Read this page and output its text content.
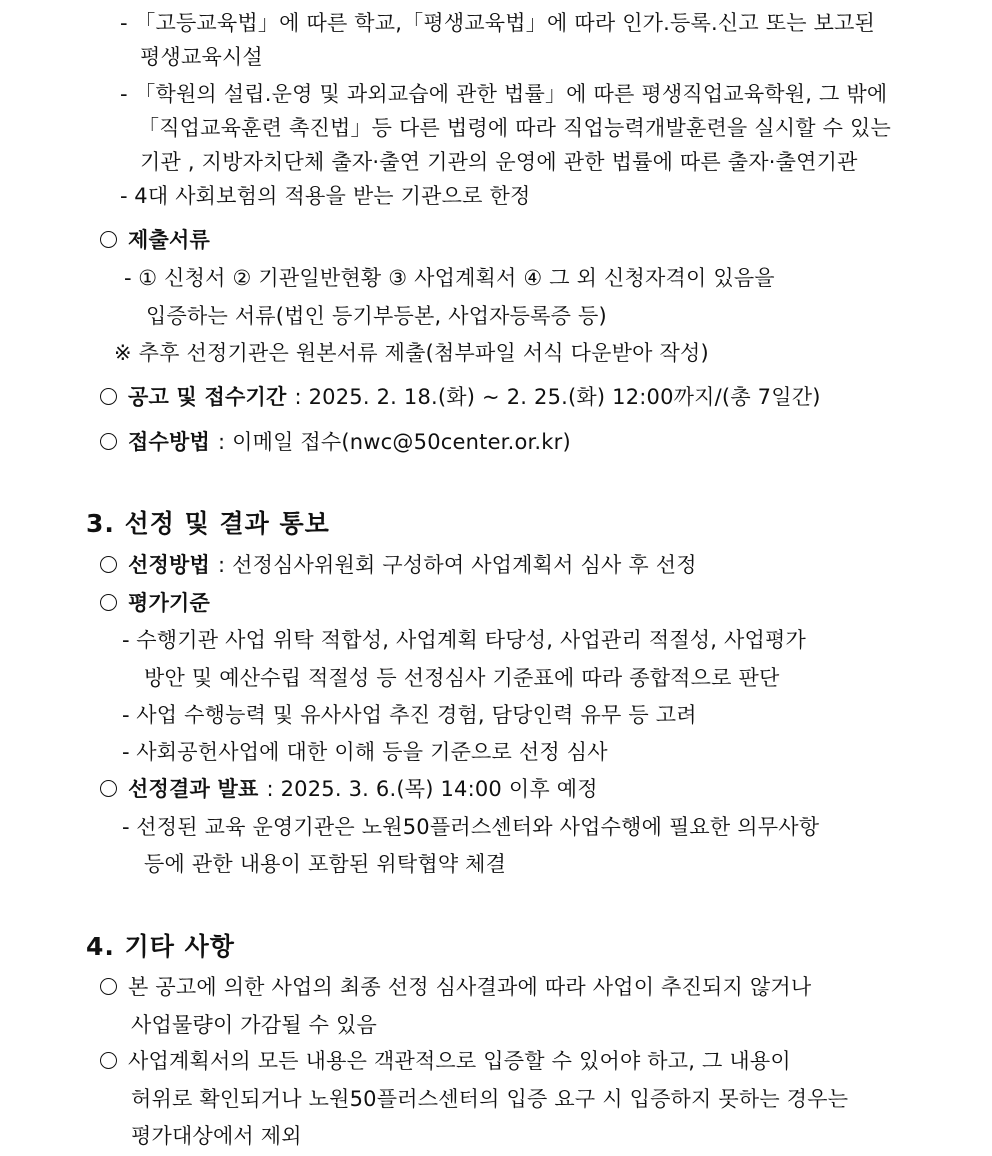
- 「고등교육법」에 따른 학교,「평생교육법」에 따라 인가.등록.신고 또는 보고된
평생교육시설
- 「학원의 설립.운영 및 과외교습에 관한 법률」에 따른 평생직업교육학원, 그 밖에
「직업교육훈련 촉진법」등 다른 법령에 따라 직업능력개발훈련을 실시할 수 있는
기관 , 지방자치단체 출자·출연 기관의 운영에 관한 법률에 따른 출자·출연기관
- 4대 사회보험의 적용을 받는 기관으로 한정
제출서류
- ① 신청서 ② 기관일반현황 ③ 사업계획서 ④ 그 외 신청자격이 있음을
입증하는 서류(법인 등기부등본, 사업자등록증 등)
※ 추후 선정기관은 원본서류 제출(첨부파일 서식 다운받아 작성)
공고 및 접수기간 : 2025. 2. 18.(화) ~ 2. 25.(화) 12:00까지/(총 7일간)
접수방법 : 이메일 접수(nwc@50center.or.kr)
3. 선정 및 결과 통보
선정방법 : 선정심사위원회 구성하여 사업계획서 심사 후 선정
평가기준
- 수행기관 사업 위탁 적합성, 사업계획 타당성, 사업관리 적절성, 사업평가
방안 및 예산수립 적절성 등 선정심사 기준표에 따라 종합적으로 판단
- 사업 수행능력 및 유사사업 추진 경험, 담당인력 유무 등 고려
- 사회공헌사업에 대한 이해 등을 기준으로 선정 심사
선정결과 발표 : 2025. 3. 6.(목) 14:00 이후 예정
- 선정된 교육 운영기관은 노원50플러스센터와 사업수행에 필요한 의무사항
등에 관한 내용이 포함된 위탁협약 체결
4. 기타 사항
본 공고에 의한 사업의 최종 선정 심사결과에 따라 사업이 추진되지 않거나
사업물량이 가감될 수 있음
사업계획서의 모든 내용은 객관적으로 입증할 수 있어야 하고, 그 내용이
허위로 확인되거나 노원50플러스센터의 입증 요구 시 입증하지 못하는 경우는
평가대상에서 제외
